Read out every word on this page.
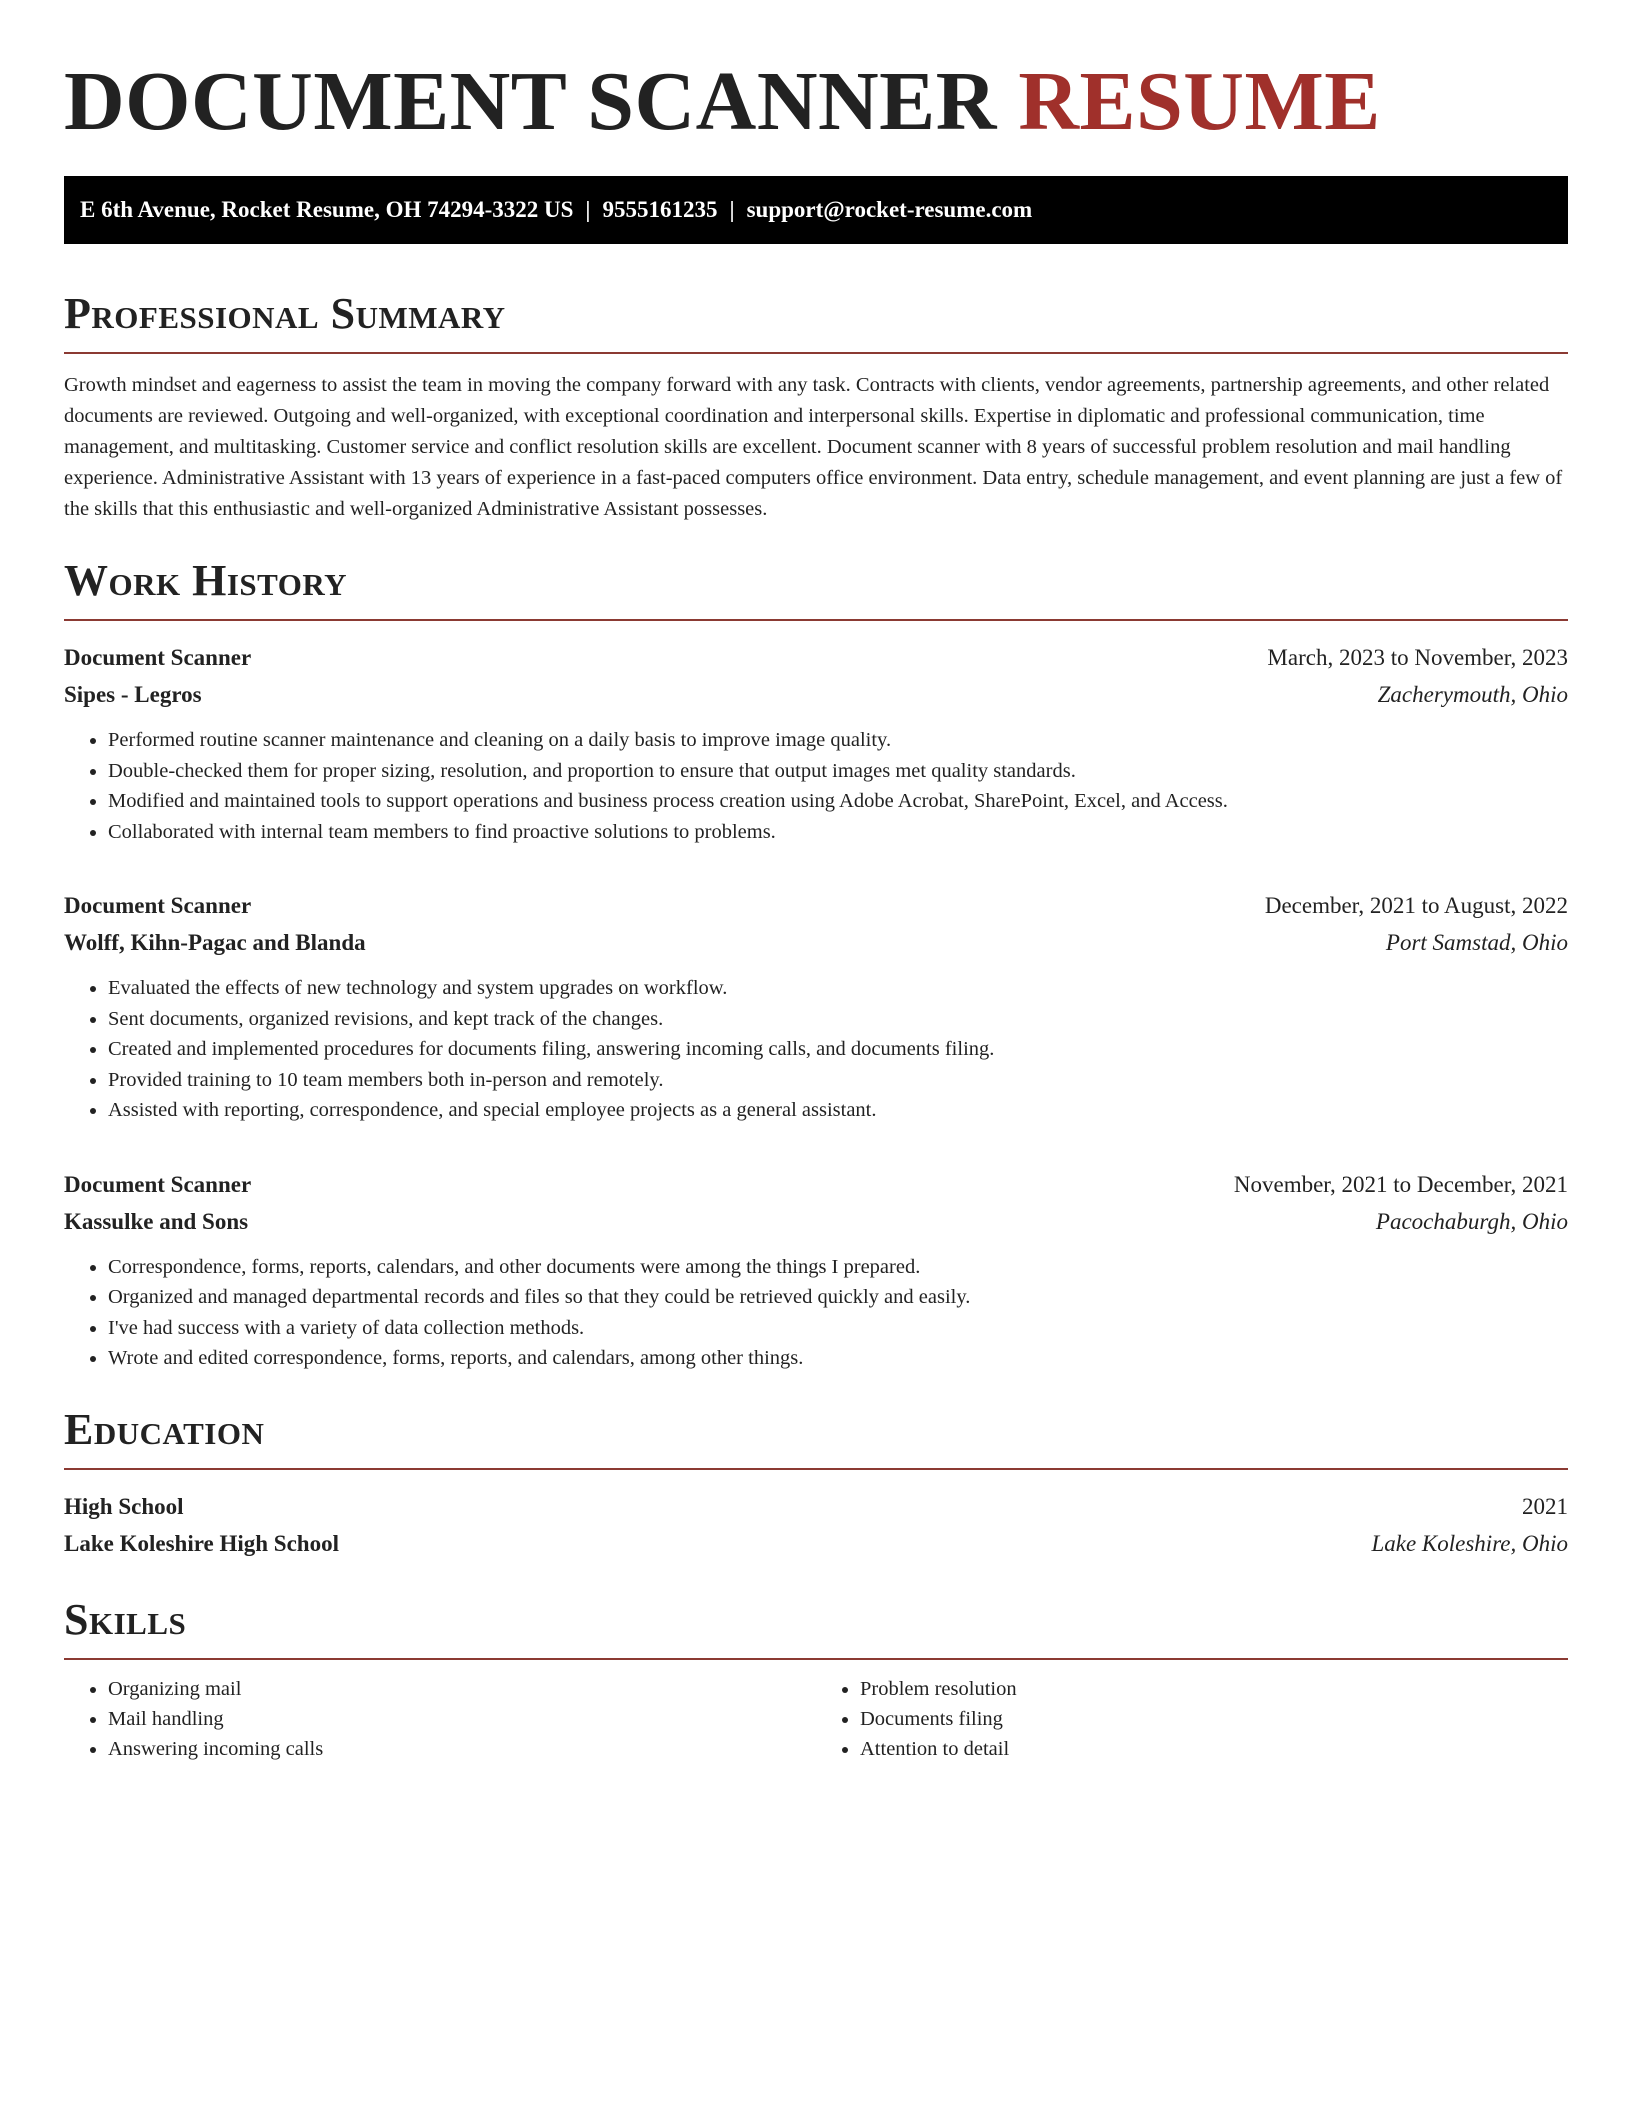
DOCUMENT SCANNER RESUME
E 6th Avenue, Rocket Resume, OH 74294-3322 US | 9555161235 | support@rocket-resume.com
Professional Summary

Growth mindset and eagerness to assist the team in moving the company forward with any task. Contracts with clients, vendor agreements, partnership agreements, and other related documents are reviewed. Outgoing and well-organized, with exceptional coordination and interpersonal skills. Expertise in diplomatic and professional communication, time management, and multitasking. Customer service and conflict resolution skills are excellent. Document scanner with 8 years of successful problem resolution and mail handling experience. Administrative Assistant with 13 years of experience in a fast-paced computers office environment. Data entry, schedule management, and event planning are just a few of the skills that this enthusiastic and well-organized Administrative Assistant possesses.

Work History
Document Scanner	March, 2023 to November, 2023
Sipes - Legros	Zacherymouth, Ohio
• Performed routine scanner maintenance and cleaning on a daily basis to improve image quality.
• Double-checked them for proper sizing, resolution, and proportion to ensure that output images met quality standards.
• Modified and maintained tools to support operations and business process creation using Adobe Acrobat, SharePoint, Excel, and Access.
• Collaborated with internal team members to find proactive solutions to problems.
Document Scanner	December, 2021 to August, 2022
Wolff, Kihn-Pagac and Blanda	Port Samstad, Ohio
• Evaluated the effects of new technology and system upgrades on workflow.
• Sent documents, organized revisions, and kept track of the changes.
• Created and implemented procedures for documents filing, answering incoming calls, and documents filing.
• Provided training to 10 team members both in-person and remotely.
• Assisted with reporting, correspondence, and special employee projects as a general assistant.
Document Scanner	November, 2021 to December, 2021
Kassulke and Sons	Pacochaburgh, Ohio
• Correspondence, forms, reports, calendars, and other documents were among the things I prepared.
• Organized and managed departmental records and files so that they could be retrieved quickly and easily.
• I've had success with a variety of data collection methods.
• Wrote and edited correspondence, forms, reports, and calendars, among other things.
Education
High School	2021
Lake Koleshire High School	Lake Koleshire, Ohio
Skills
• Organizing mail
• Mail handling
• Answering incoming calls
• Problem resolution
• Documents filing
• Attention to detail
